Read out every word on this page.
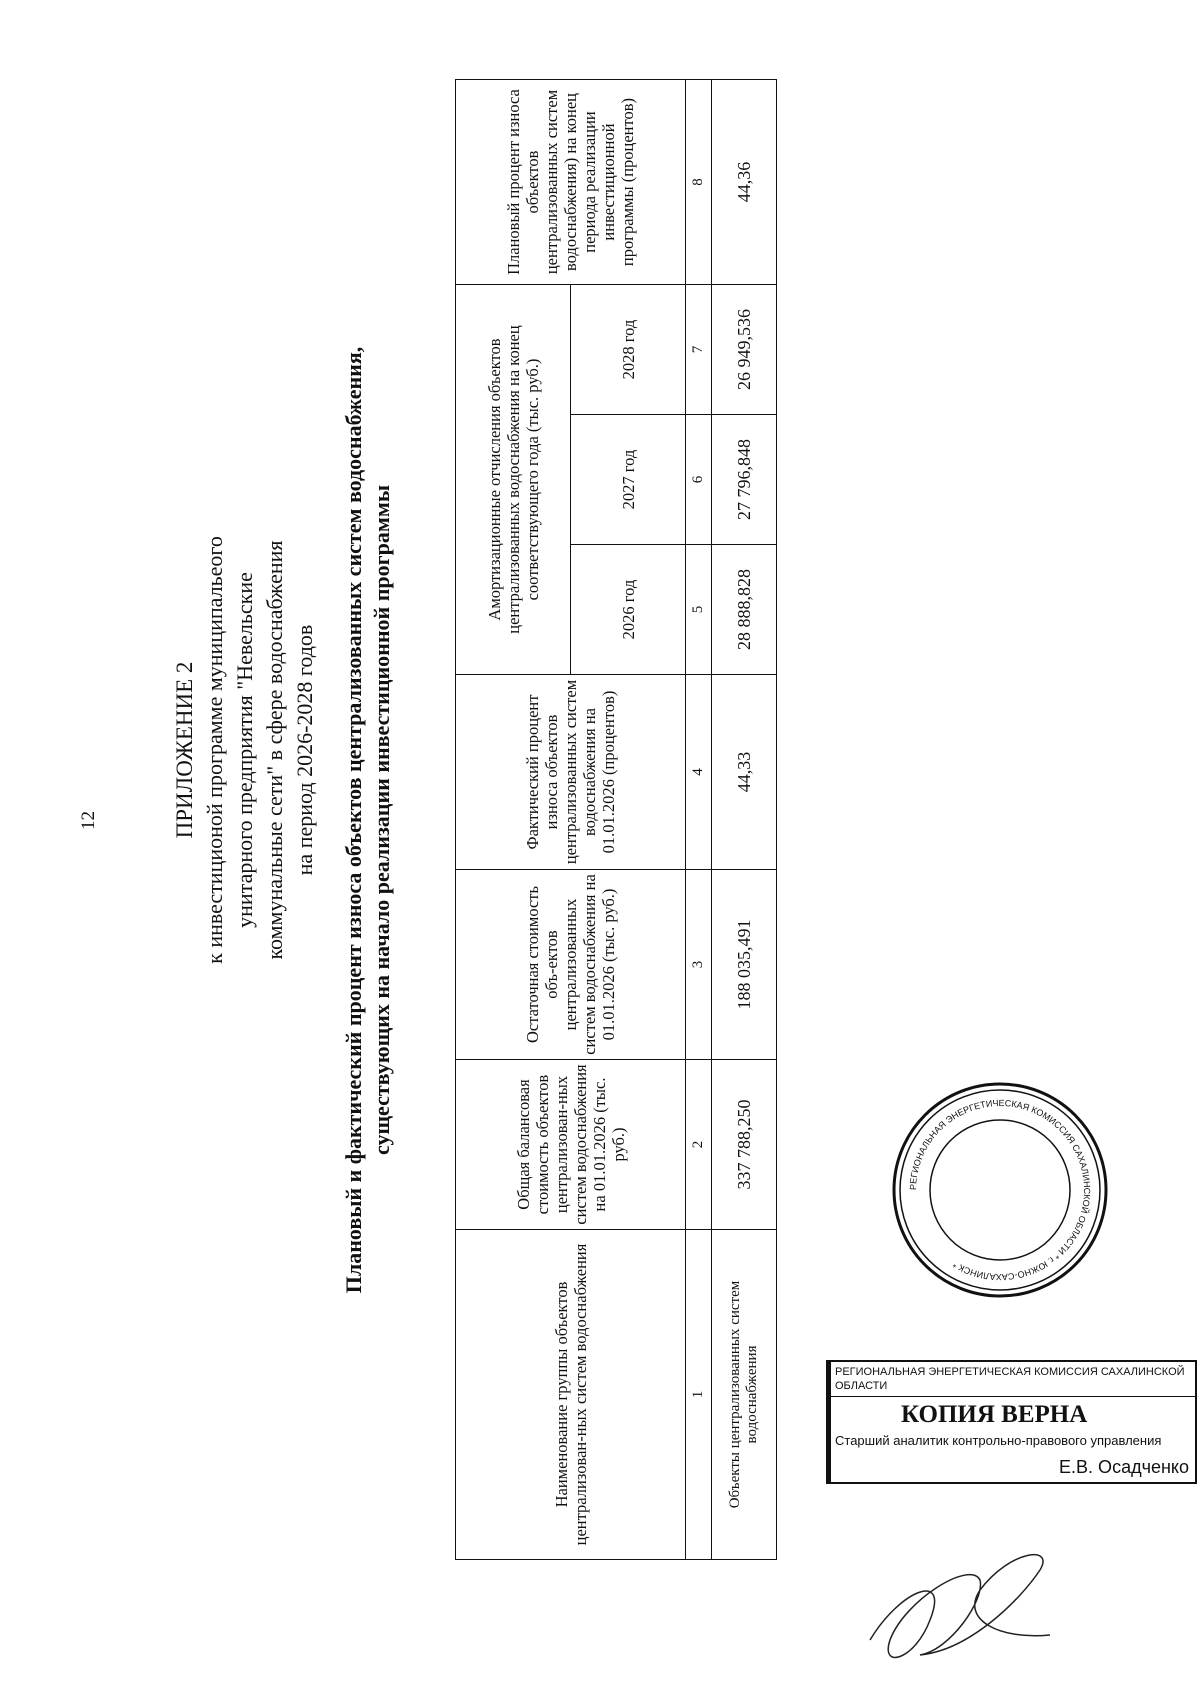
12	ПРИЛОЖЕНИЕ 2 к инвестиционой программе муниципальеого унитарного предприятия "Невельские коммунальные сети" в сфере водоснабжения на период 2026-2028 годов Плановый и фактический процент износа объектов централизованных систем водоснабжения, существующих на начало реализации инвестиционной программы
Наименование группы объектов централизован-ных систем водоснабжения	Общая балансовая стоимость объектов централизован-ных систем водоснабжения на 01.01.2026 (тыс. руб.)	Остаточная стоимость объ-ектов централизованных систем водоснабжения на 01.01.2026 (тыс. руб.)	Фактический процент износа объектов централизованных систем водоснабжения на 01.01.2026 (процентов)	Амортизационные отчисления объектов централизованных водоснабжения на конец соответствующего года (тыс. руб.)			Плановый процент износа объектов централизованных систем водоснабжения) на конец периода реализации инвестиционной программы (процентов)
				2026 год	2027 год	2028 год	
1	2	3	4	5	6	7	8
Объекты централизованных систем водоснабжения	337 788,250	188 035,491	44,33	28 888,828	27 796,848	26 949,536	44,36
РЕГИОНАЛЬНАЯ ЭНЕРГЕТИЧЕСКАЯ КОМИССИЯ САХАЛИНСКОЙ ОБЛАСТИ * г. ЮЖНО-САХАЛИНСК *
РЕГИОНАЛЬНАЯ ЭНЕРГЕТИЧЕСКАЯ КОМИССИЯ САХАЛИНСКОЙ ОБЛАСТИ
КОПИЯ ВЕРНА
Старший аналитик контрольно-правового управления
Е.В. Осадченко
